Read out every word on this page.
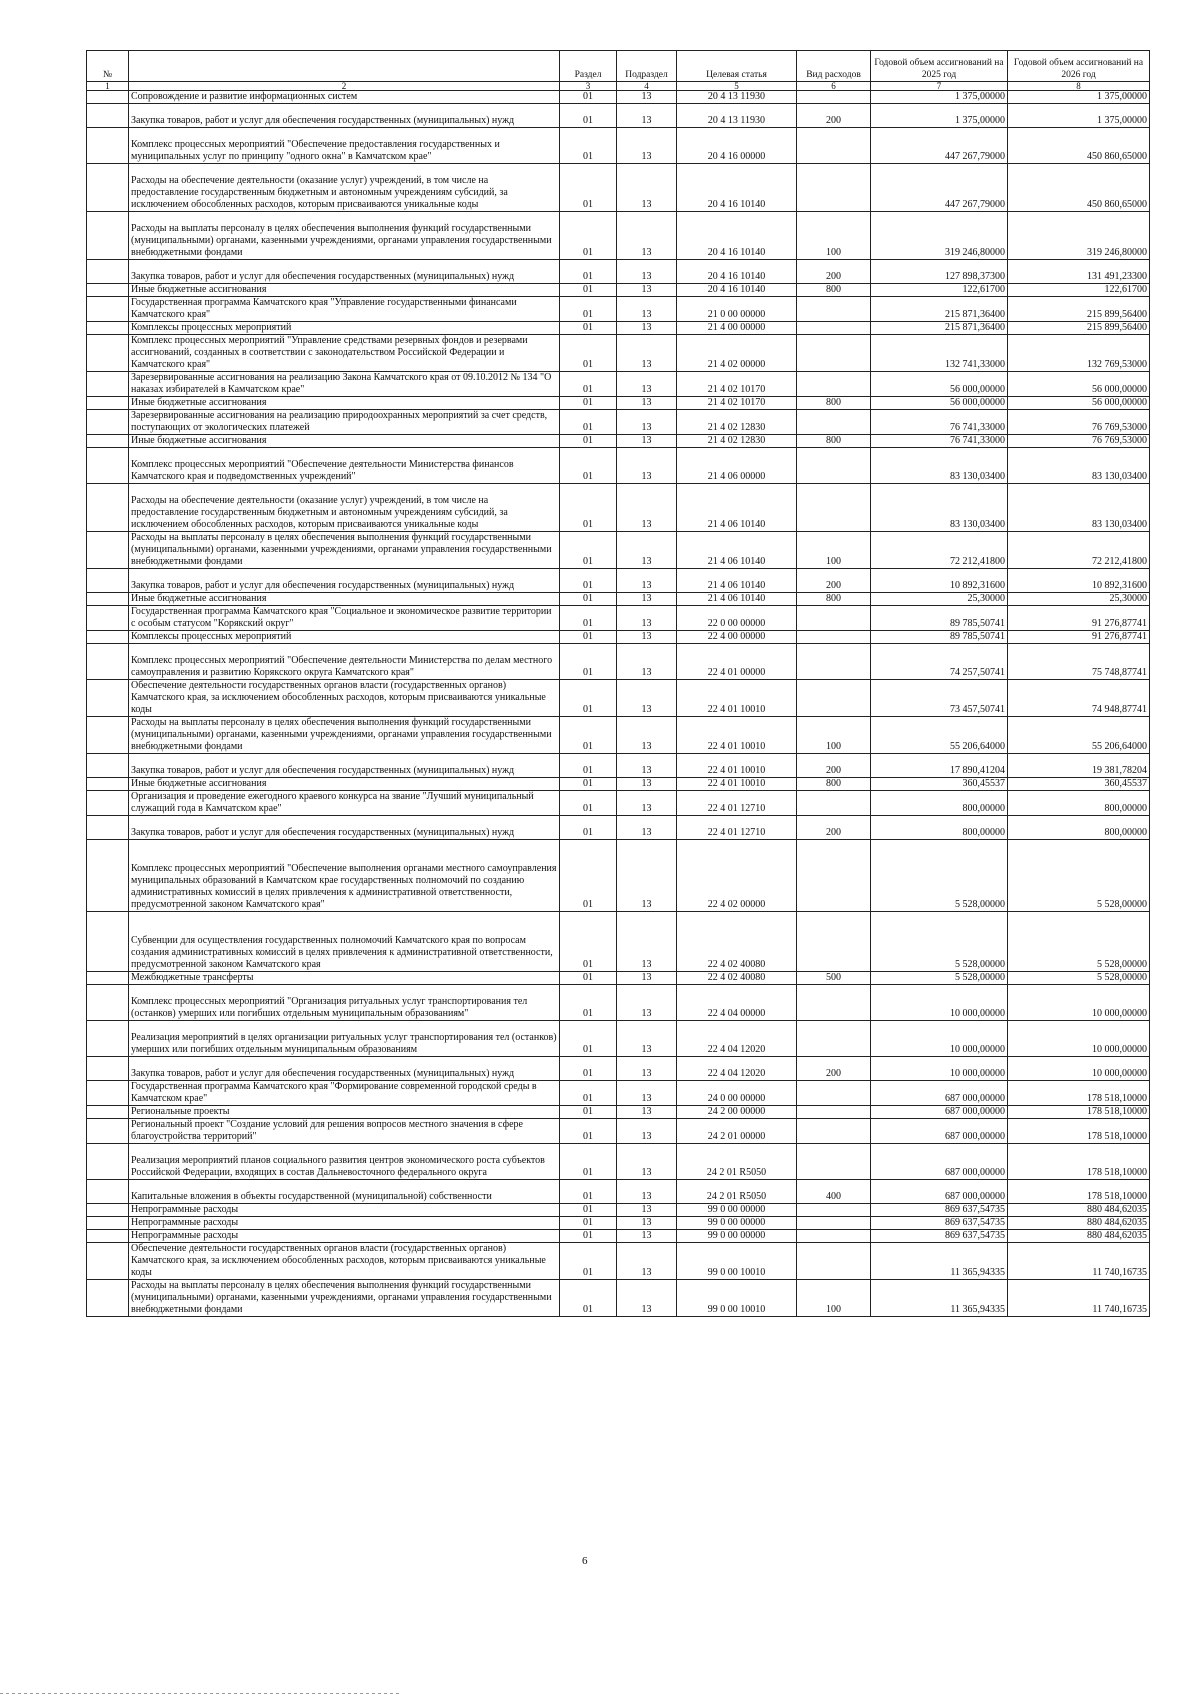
№		Раздел	Подраздел	Целевая статья	Вид расходов	Годовой объем ассигнований на 2025 год	Годовой объем ассигнований на 2026 год
1	2	3	4	5	6	7	8
	Сопровождение и развитие информационных систем	01	13	20 4 13 11930		1 375,00000	1 375,00000
	Закупка товаров, работ и услуг для обеспечения государственных (муниципальных) нужд	01	13	20 4 13 11930	200	1 375,00000	1 375,00000
	Комплекс процессных мероприятий "Обеспечение предоставления государственных и муниципальных услуг по принципу "одного окна" в Камчатском крае"	01	13	20 4 16 00000		447 267,79000	450 860,65000
	Расходы на обеспечение деятельности (оказание услуг) учреждений, в том числе на предоставление государственным бюджетным и автономным учреждениям субсидий, за исключением обособленных расходов, которым присваиваются уникальные коды	01	13	20 4 16 10140		447 267,79000	450 860,65000
	Расходы на выплаты персоналу в целях обеспечения выполнения функций государственными (муниципальными) органами, казенными учреждениями, органами управления государственными внебюджетными фондами	01	13	20 4 16 10140	100	319 246,80000	319 246,80000
	Закупка товаров, работ и услуг для обеспечения государственных (муниципальных) нужд	01	13	20 4 16 10140	200	127 898,37300	131 491,23300
	Иные бюджетные ассигнования	01	13	20 4 16 10140	800	122,61700	122,61700
	Государственная программа Камчатского края "Управление государственными финансами Камчатского края"	01	13	21 0 00 00000		215 871,36400	215 899,56400
	Комплексы процессных мероприятий	01	13	21 4 00 00000		215 871,36400	215 899,56400
	Комплекс процессных мероприятий "Управление средствами резервных фондов и резервами ассигнований, созданных в соответствии с законодательством Российской Федерации и Камчатского края"	01	13	21 4 02 00000		132 741,33000	132 769,53000
	Зарезервированные ассигнования на реализацию Закона Камчатского края от 09.10.2012 № 134 "О наказах избирателей в Камчатском крае"	01	13	21 4 02 10170		56 000,00000	56 000,00000
	Иные бюджетные ассигнования	01	13	21 4 02 10170	800	56 000,00000	56 000,00000
	Зарезервированные ассигнования на реализацию природоохранных мероприятий за счет средств, поступающих от экологических платежей	01	13	21 4 02 12830		76 741,33000	76 769,53000
	Иные бюджетные ассигнования	01	13	21 4 02 12830	800	76 741,33000	76 769,53000
	Комплекс процессных мероприятий "Обеспечение деятельности Министерства финансов Камчатского края и подведомственных учреждений"	01	13	21 4 06 00000		83 130,03400	83 130,03400
	Расходы на обеспечение деятельности (оказание услуг) учреждений, в том числе на предоставление государственным бюджетным и автономным учреждениям субсидий, за исключением обособленных расходов, которым присваиваются уникальные коды	01	13	21 4 06 10140		83 130,03400	83 130,03400
	Расходы на выплаты персоналу в целях обеспечения выполнения функций государственными (муниципальными) органами, казенными учреждениями, органами управления государственными внебюджетными фондами	01	13	21 4 06 10140	100	72 212,41800	72 212,41800
	Закупка товаров, работ и услуг для обеспечения государственных (муниципальных) нужд	01	13	21 4 06 10140	200	10 892,31600	10 892,31600
	Иные бюджетные ассигнования	01	13	21 4 06 10140	800	25,30000	25,30000
	Государственная программа Камчатского края "Социальное и экономическое развитие территории с особым статусом "Корякский округ"	01	13	22 0 00 00000		89 785,50741	91 276,87741
	Комплексы процессных мероприятий	01	13	22 4 00 00000		89 785,50741	91 276,87741
	Комплекс процессных мероприятий "Обеспечение деятельности Министерства по делам местного самоуправления и развитию Корякского округа Камчатского края"	01	13	22 4 01 00000		74 257,50741	75 748,87741
	Обеспечение деятельности государственных органов власти (государственных органов) Камчатского края, за исключением обособленных расходов, которым присваиваются уникальные коды	01	13	22 4 01 10010		73 457,50741	74 948,87741
	Расходы на выплаты персоналу в целях обеспечения выполнения функций государственными (муниципальными) органами, казенными учреждениями, органами управления государственными внебюджетными фондами	01	13	22 4 01 10010	100	55 206,64000	55 206,64000
	Закупка товаров, работ и услуг для обеспечения государственных (муниципальных) нужд	01	13	22 4 01 10010	200	17 890,41204	19 381,78204
	Иные бюджетные ассигнования	01	13	22 4 01 10010	800	360,45537	360,45537
	Организация и проведение ежегодного краевого конкурса на звание "Лучший муниципальный служащий года в Камчатском крае"	01	13	22 4 01 12710		800,00000	800,00000
	Закупка товаров, работ и услуг для обеспечения государственных (муниципальных) нужд	01	13	22 4 01 12710	200	800,00000	800,00000
	Комплекс процессных мероприятий "Обеспечение выполнения органами местного самоуправления муниципальных образований в Камчатском крае государственных полномочий по созданию административных комиссий в целях привлечения к административной ответственности, предусмотренной законом Камчатского края"	01	13	22 4 02 00000		5 528,00000	5 528,00000
	Субвенции для осуществления государственных полномочий Камчатского края по вопросам создания административных комиссий в целях привлечения к административной ответственности, предусмотренной законом Камчатского края	01	13	22 4 02 40080		5 528,00000	5 528,00000
	Межбюджетные трансферты	01	13	22 4 02 40080	500	5 528,00000	5 528,00000
	Комплекс процессных мероприятий "Организация ритуальных услуг транспортирования тел (останков) умерших или погибших отдельным муниципальным образованиям"	01	13	22 4 04 00000		10 000,00000	10 000,00000
	Реализация мероприятий в целях организации ритуальных услуг транспортирования тел (останков) умерших или погибших отдельным муниципальным образованиям	01	13	22 4 04 12020		10 000,00000	10 000,00000
	Закупка товаров, работ и услуг для обеспечения государственных (муниципальных) нужд	01	13	22 4 04 12020	200	10 000,00000	10 000,00000
	Государственная программа Камчатского края "Формирование современной городской среды в Камчатском крае"	01	13	24 0 00 00000		687 000,00000	178 518,10000
	Региональные проекты	01	13	24 2 00 00000		687 000,00000	178 518,10000
	Региональный проект "Создание условий для решения вопросов местного значения в сфере благоустройства территорий"	01	13	24 2 01 00000		687 000,00000	178 518,10000
	Реализация мероприятий планов социального развития центров экономического роста субъектов Российской Федерации, входящих в состав Дальневосточного федерального округа	01	13	24 2 01 R5050		687 000,00000	178 518,10000
	Капитальные вложения в объекты государственной (муниципальной) собственности	01	13	24 2 01 R5050	400	687 000,00000	178 518,10000
	Непрограммные расходы	01	13	99 0 00 00000		869 637,54735	880 484,62035
	Непрограммные расходы	01	13	99 0 00 00000		869 637,54735	880 484,62035
	Непрограммные расходы	01	13	99 0 00 00000		869 637,54735	880 484,62035
	Обеспечение деятельности государственных органов власти (государственных органов) Камчатского края, за исключением обособленных расходов, которым присваиваются уникальные коды	01	13	99 0 00 10010		11 365,94335	11 740,16735
	Расходы на выплаты персоналу в целях обеспечения выполнения функций государственными (муниципальными) органами, казенными учреждениями, органами управления государственными внебюджетными фондами	01	13	99 0 00 10010	100	11 365,94335	11 740,16735
6
